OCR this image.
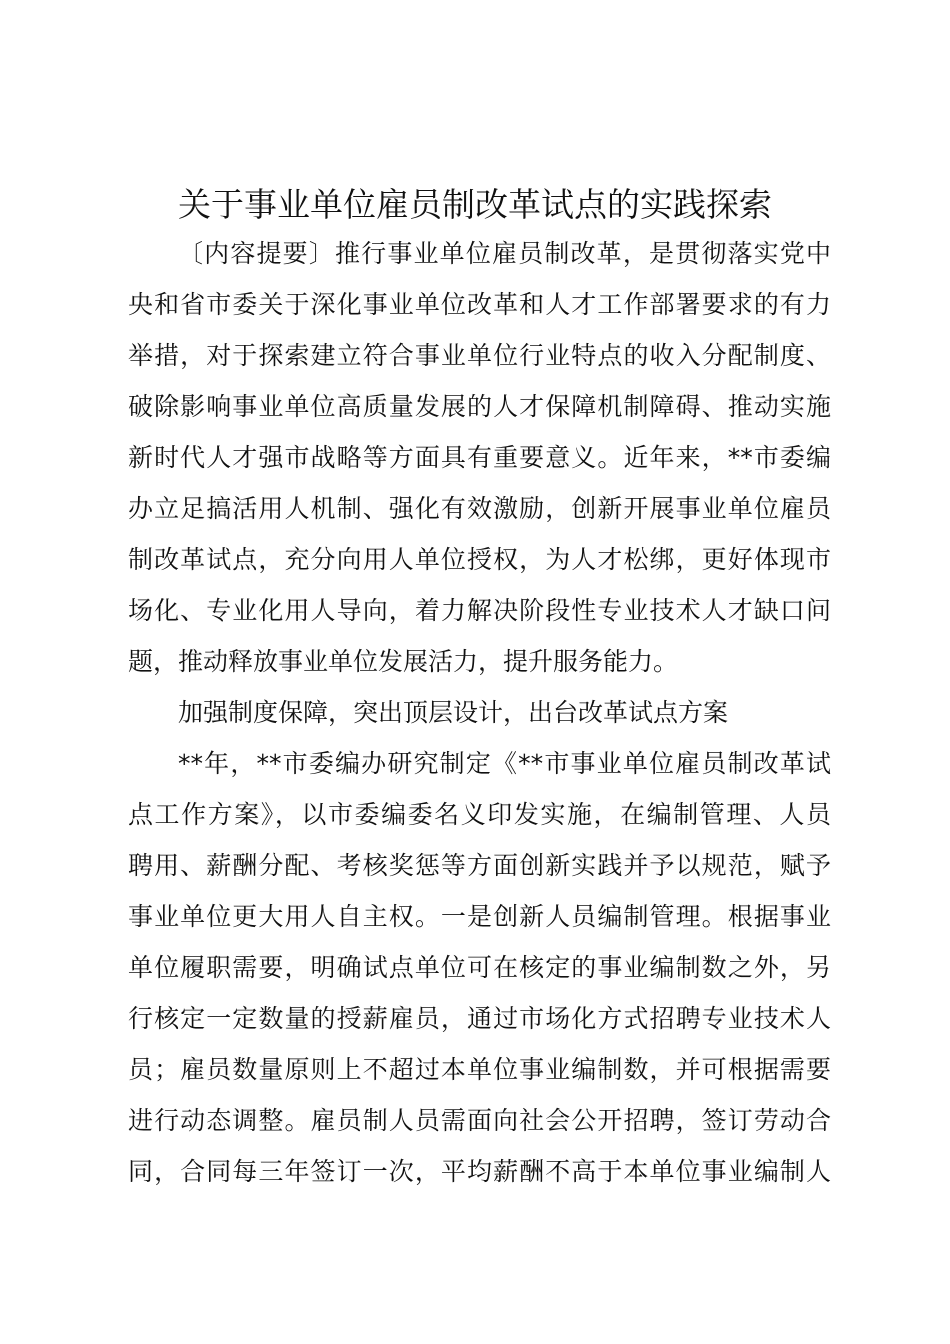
关于事业单位雇员制改革试点的实践探索
〔内容提要〕推行事业单位雇员制改革，是贯彻落实党中
央和省市委关于深化事业单位改革和人才工作部署要求的有力
举措，对于探索建立符合事业单位行业特点的收入分配制度、
破除影响事业单位高质量发展的人才保障机制障碍、推动实施
新时代人才强市战略等方面具有重要意义。近年来，**市委编
办立足搞活用人机制、强化有效激励，创新开展事业单位雇员
制改革试点，充分向用人单位授权，为人才松绑，更好体现市
场化、专业化用人导向，着力解决阶段性专业技术人才缺口问
题，推动释放事业单位发展活力，提升服务能力。
加强制度保障，突出顶层设计，出台改革试点方案
**年，**市委编办研究制定《**市事业单位雇员制改革试
点工作方案》，以市委编委名义印发实施，在编制管理、人员
聘用、薪酬分配、考核奖惩等方面创新实践并予以规范，赋予
事业单位更大用人自主权。一是创新人员编制管理。根据事业
单位履职需要，明确试点单位可在核定的事业编制数之外，另
行核定一定数量的授薪雇员，通过市场化方式招聘专业技术人
员；雇员数量原则上不超过本单位事业编制数，并可根据需要
进行动态调整。雇员制人员需面向社会公开招聘，签订劳动合
同，合同每三年签订一次，平均薪酬不高于本单位事业编制人
